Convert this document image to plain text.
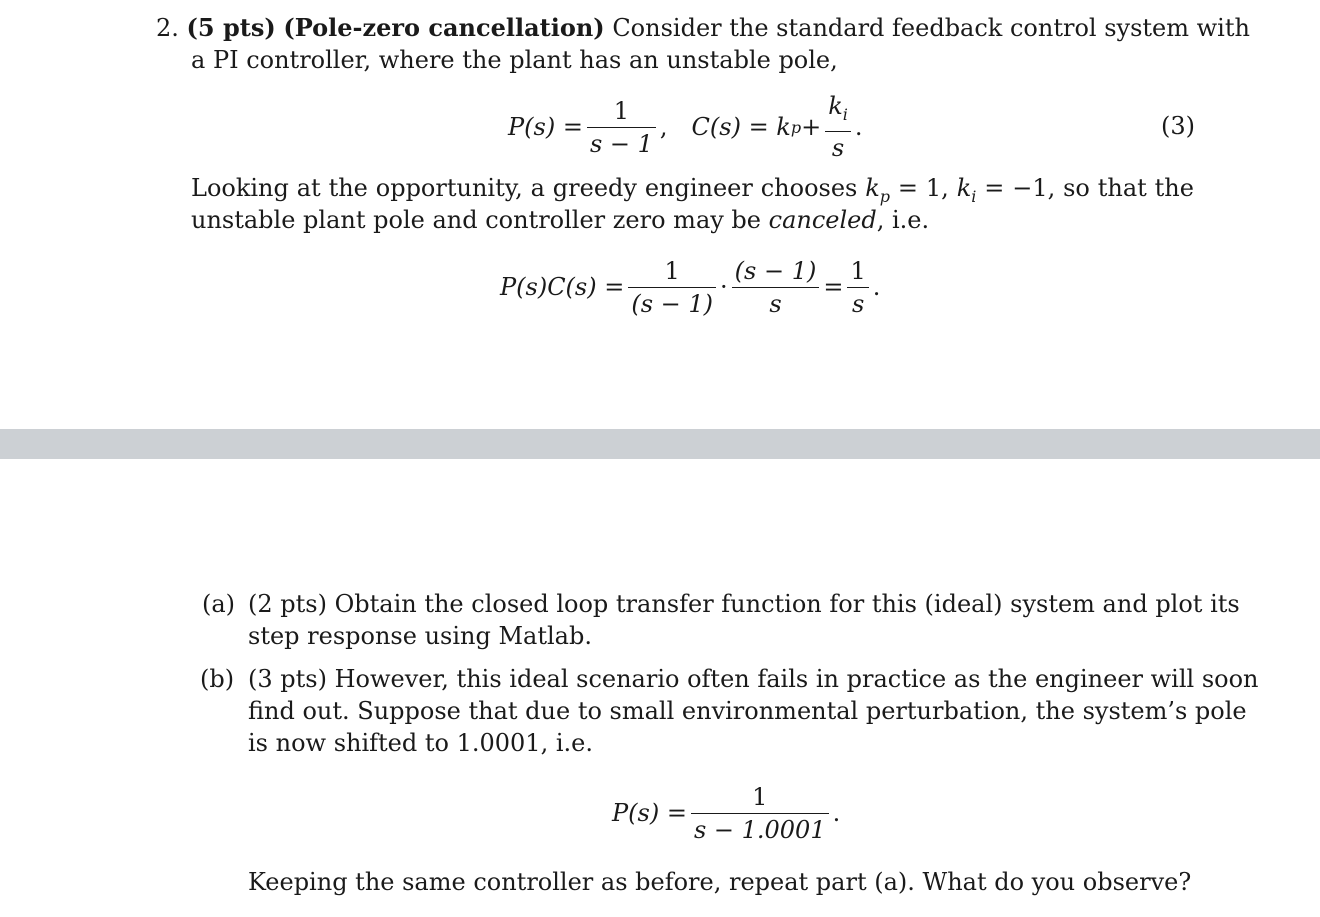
2. (5 pts) (Pole-zero cancellation) Consider the standard feedback control system with
a PI controller, where the plant has an unstable pole,
$P(s) = \frac{1}{s - 1}$ , C(s) = k $p + \frac{k_i}{s}$ .	(3)
Looking at the opportunity, a greedy engineer chooses $k_p = 1$, $k_i = -1$, so that the
unstable plant pole and controller zero may be canceled, i.e.
$P(s)C(s) = \frac{1}{(s - 1)} \cdot \frac{(s - 1)}{s} = \frac{1}{s}$ .
(a) (2 pts) Obtain the closed loop transfer function for this (ideal) system and plot its
step response using Matlab.
(b) (3 pts) However, this ideal scenario often fails in practice as the engineer will soon
find out. Suppose that due to small environmental perturbation, the system’s pole
is now shifted to 1.0001, i.e.
$P(s) = \frac{1}{s - 1.0001}$ .
Keeping the same controller as before, repeat part (a). What do you observe?
